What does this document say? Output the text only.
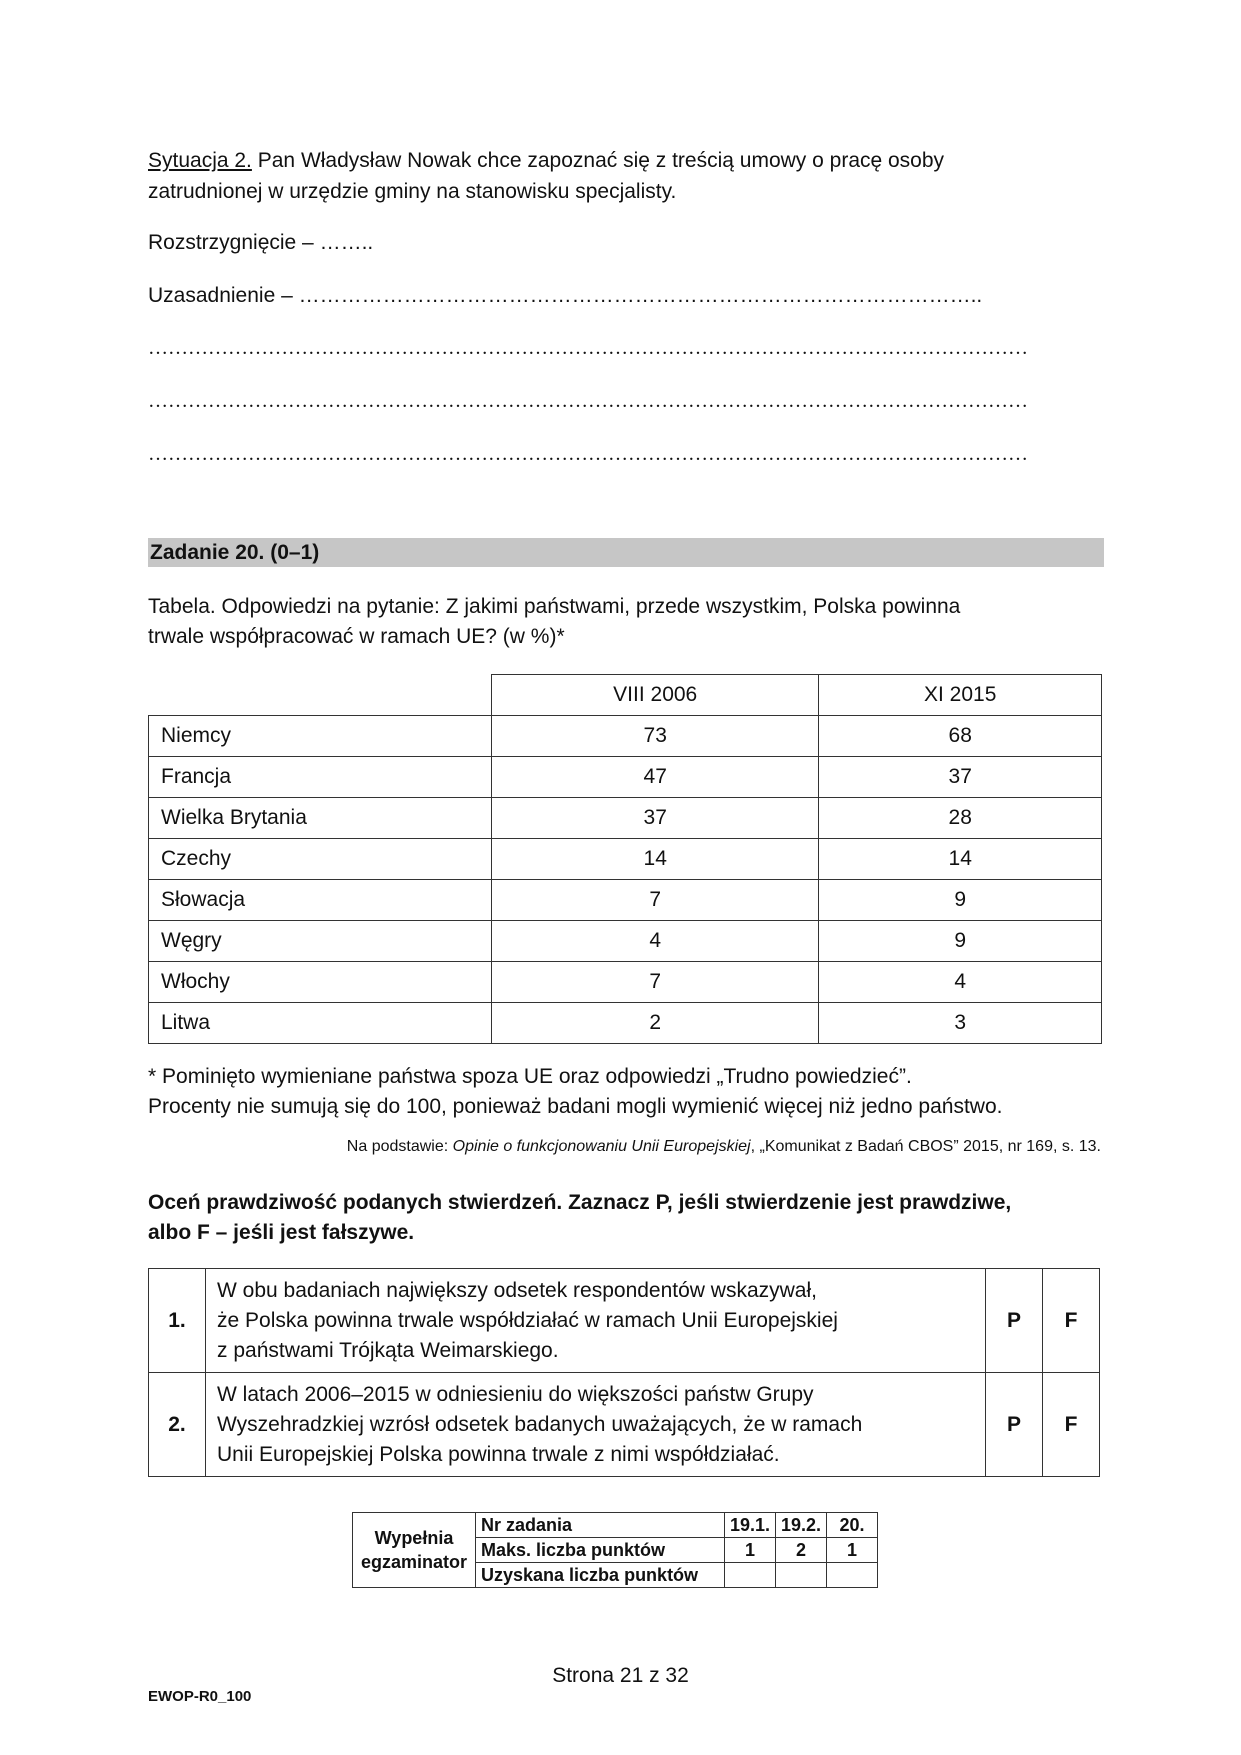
Sytuacja 2. Pan Władysław Nowak chce zapoznać się z treścią umowy o pracę osoby
zatrudnionej w urzędzie gminy na stanowisku specjalisty.
Rozstrzygnięcie – ……..
Uzasadnienie – ……………………………………………………………………………………..
……………………………………………………………………………………………………………………
……………………………………………………………………………………………………………………
……………………………………………………………………………………………………………………
Zadanie 20. (0–1)
Tabela. Odpowiedzi na pytanie: Z jakimi państwami, przede wszystkim, Polska powinna
trwale współpracować w ramach UE? (w %)*
	VIII 2006	XI 2015
Niemcy	73	68
Francja	47	37
Wielka Brytania	37	28
Czechy	14	14
Słowacja	7	9
Węgry	4	9
Włochy	7	4
Litwa	2	3
* Pominięto wymieniane państwa spoza UE oraz odpowiedzi „Trudno powiedzieć”.
Procenty nie sumują się do 100, ponieważ badani mogli wymienić więcej niż jedno państwo.
Na podstawie: Opinie o funkcjonowaniu Unii Europejskiej, „Komunikat z Badań CBOS” 2015, nr 169, s. 13.
Oceń prawdziwość podanych stwierdzeń. Zaznacz P, jeśli stwierdzenie jest prawdziwe,
albo F – jeśli jest fałszywe.
1.	W obu badaniach największy odsetek respondentów wskazywał,
że Polska powinna trwale współdziałać w ramach Unii Europejskiej
z państwami Trójkąta Weimarskiego.	P	F
2.	W latach 2006–2015 w odniesieniu do większości państw Grupy
Wyszehradzkiej wzrósł odsetek badanych uważających, że w ramach
Unii Europejskiej Polska powinna trwale z nimi współdziałać.	P	F
Wypełnia
egzaminator	Nr zadania	19.1.	19.2.	20.
	Maks. liczba punktów	1	2	1
	Uzyskana liczba punktów			
Strona 21 z 32
EWOP-R0_100
